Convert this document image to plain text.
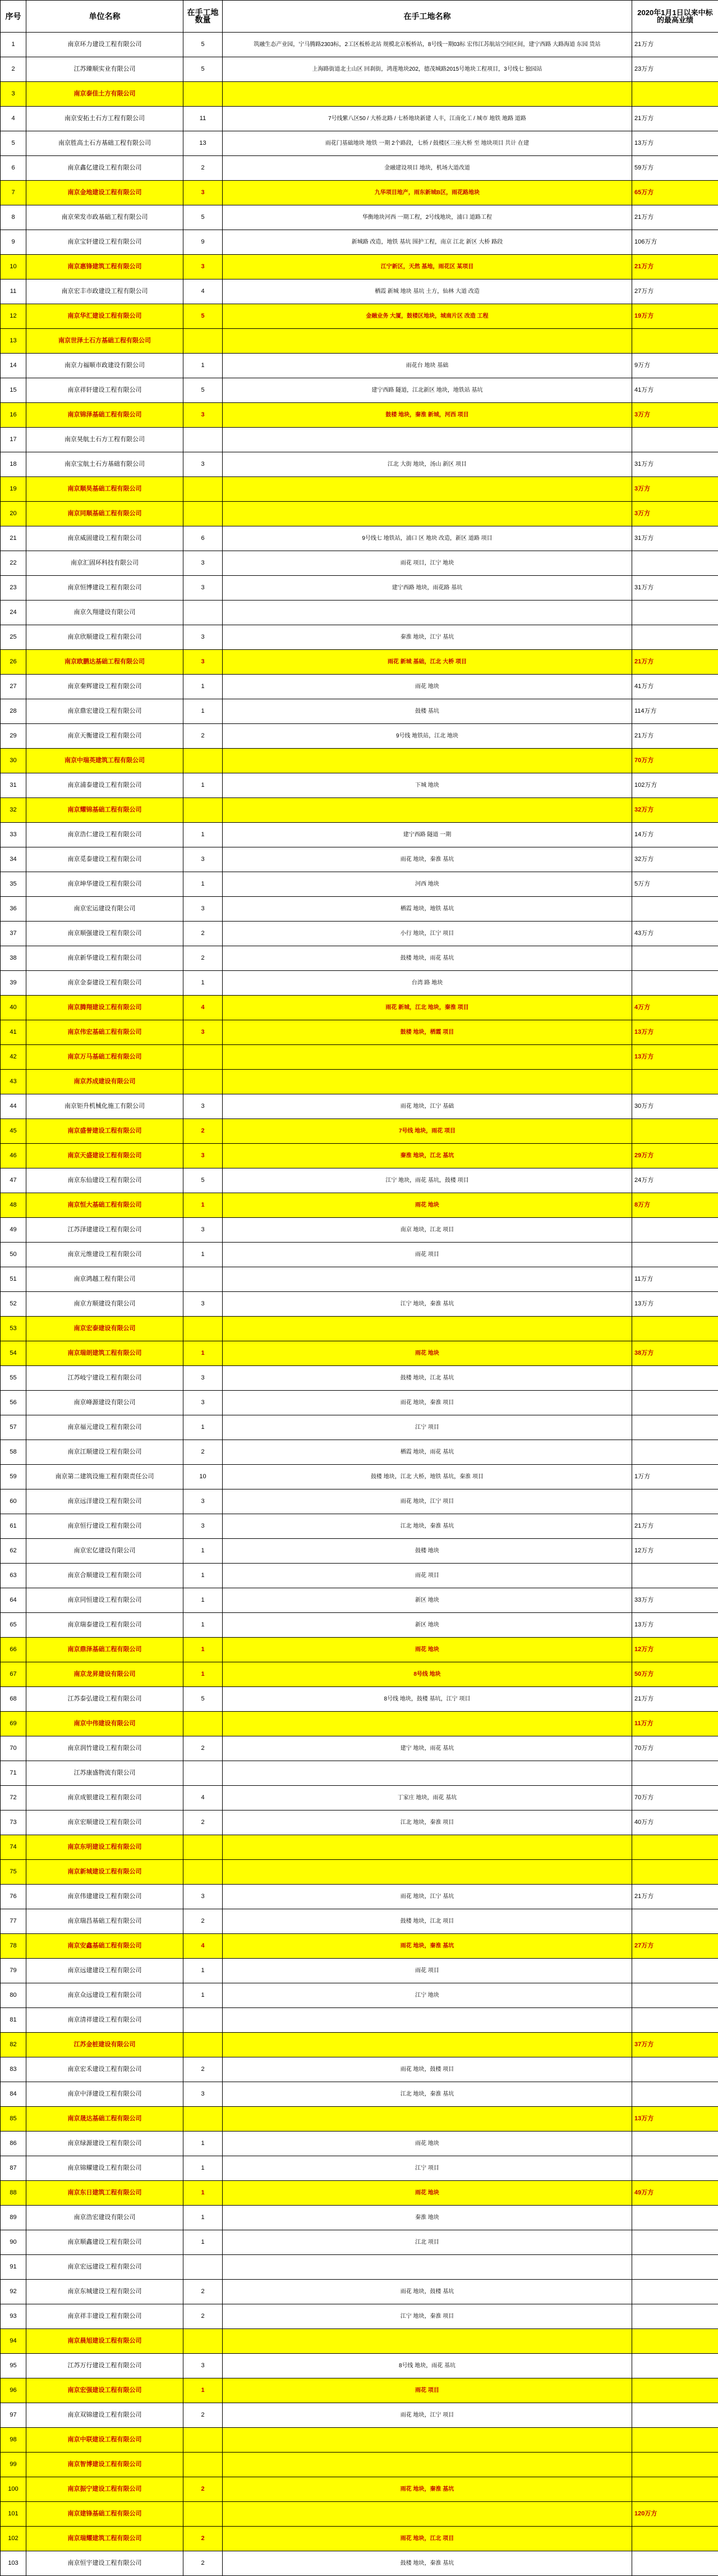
序号	单位名称	在手工地数量	在手工地名称	2020年1月1日以来中标的最高业绩
1	南京环力建设工程有限公司	5	筑融生态产业园，宁马腾路2303标，2工区板桥北站 规模北京板桥站，8号线一期03标 宏伟江苏航站空间区间，建宁西路 大路海道 东园 货站	21万方
2	江苏臻顺实业有限公司	5	上海路街道北土山区 回刹街，鸿莲地块202，德茂城路2015号地块工程项目，3号线七 独园站	23万方
3	南京泰佳土方有限公司			
4	南京安拓土石方工程有限公司	11	7号线紫八区50 / 大桥北路 / 七桥地块新建 人丰，江南化工 / 城市 地铁 地路 道路	21万方
5	南京胜高土石方基础工程有限公司	13	雨花门基础地块 地铁 一期 2个路段，七桥 / 鼓楼区三座大桥 至 地块项目 共计 在建	13万方
6	南京鑫亿建设工程有限公司	2	金融建设项目 地块，机场大道改道	59万方
7	南京金地建设工程有限公司	3	九华项目地产，雨东新城B区，雨花路地块	65万方
8	南京荣发市政基础工程有限公司	5	华衡地块河西 一期工程，2号线地块，浦口 道路工程	21万方
9	南京宝轩建设工程有限公司	9	新城路 改造，地铁 基坑 围护工程，南京 江北 新区 大桥 路段	106万方
10	南京惠锋建筑工程有限公司	3	江宁新区，天然 基地，雨花区 某项目	21万方
11	南京宏丰市政建设工程有限公司	4	栖霞 新城 地块 基坑 土方，仙林 大道 改造	27万方
12	南京华汇建设工程有限公司	5	金融业务 大厦，鼓楼区地块，城南片区 改造 工程	19万方
13	南京世泽土石方基础工程有限公司			
14	南京力福顺市政建设有限公司	1	雨花台 地块 基础	9万方
15	南京祥轩建设工程有限公司	5	建宁西路 隧道，江北新区 地块，地铁站 基坑	41万方
16	南京锦泽基础工程有限公司	3	鼓楼 地块，秦淮 新城，河西 项目	3万方
17	南京昊航土石方工程有限公司			
18	南京宝航土石方基础有限公司	3	江北 大街 地块，汤山 新区 项目	31万方
19	南京顺昊基础工程有限公司			3万方
20	南京同顺基础工程有限公司			3万方
21	南京威固建设工程有限公司	6	9号线七 地铁站，浦口 区 地块 改造，新区 道路 项目	31万方
22	南京汇固环科技有限公司	3	雨花 项目，江宁 地块	
23	南京恒博建设工程有限公司	3	建宁西路 地块，雨花路 基坑	31万方
24	南京久翔建设有限公司			
25	南京欣顺建设工程有限公司	3	秦淮 地块，江宁 基坑	
26	南京欧鹏达基础工程有限公司	3	雨花 新城 基础，江北 大桥 项目	21万方
27	南京秦辉建设工程有限公司	1	雨花 地块	41万方
28	南京鼎宏建设工程有限公司	1	鼓楼 基坑	114万方
29	南京天衡建设工程有限公司	2	9号线 地铁站，江北 地块	21万方
30	南京中瑞英建筑工程有限公司			70万方
31	南京浦泰建设工程有限公司	1	下城 地块	102万方
32	南京耀锦基础工程有限公司			32万方
33	南京浩仁建设工程有限公司	1	建宁西路 隧道 一期	14万方
34	南京觅泰建设工程有限公司	3	雨花 地块，秦淮 基坑	32万方
35	南京坤华建设工程有限公司	1	河西 地块	5万方
36	南京宏运建设有限公司	3	栖霞 地块，地铁 基坑	
37	南京顺强建设工程有限公司	2	小行 地块，江宁 项目	43万方
38	南京新华建设工程有限公司	2	鼓楼 地块，雨花 基坑	
39	南京金泰建设工程有限公司	1	台湾 路 地块	
40	南京腾翔建设工程有限公司	4	雨花 新城，江北 地块，秦淮 项目	4万方
41	南京伟宏基础工程有限公司	3	鼓楼 地块，栖霞 项目	13万方
42	南京万马基础工程有限公司			13万方
43	南京苏成建设有限公司			
44	南京钜升机械化施工有限公司	3	雨花 地块，江宁 基础	30万方
45	南京盛誉建设工程有限公司	2	7号线 地块，雨花 项目	
46	南京天盛建设工程有限公司	3	秦淮 地块，江北 基坑	29万方
47	南京东仙建设工程有限公司	5	江宁 地块，雨花 基坑，鼓楼 项目	24万方
48	南京恒大基础工程有限公司	1	雨花 地块	8万方
49	江苏泽建建设工程有限公司	3	南京 地块，江北 项目	
50	南京元维建设工程有限公司	1	雨花 项目	
51	南京鸿越工程有限公司			11万方
52	南京方顺建设有限公司	3	江宁 地块，秦淮 基坑	13万方
53	南京宏泰建设有限公司			
54	南京瑞朗建筑工程有限公司	1	雨花 地块	38万方
55	江苏岐宁建设工程有限公司	3	鼓楼 地块，江北 基坑	
56	南京峰源建设有限公司	3	雨花 地块，秦淮 项目	
57	南京福元建设工程有限公司	1	江宁 项目	
58	南京江顺建设工程有限公司	2	栖霞 地块，雨花 基坑	
59	南京第二建筑设施工程有限责任公司	10	鼓楼 地块，江北 大桥，地铁 基坑，秦淮 项目	1万方
60	南京远洋建设工程有限公司	3	雨花 地块，江宁 项目	
61	南京恒行建设工程有限公司	3	江北 地块，秦淮 基坑	21万方
62	南京宏亿建设有限公司	1	鼓楼 地块	12万方
63	南京合顺建设工程有限公司	1	雨花 项目	
64	南京同恒建设工程有限公司	1	新区 地块	33万方
65	南京瑞泰建设工程有限公司	1	新区 地块	13万方
66	南京鼎泽基础工程有限公司	1	雨花 地块	12万方
67	南京龙昇建设有限公司	1	8号线 地块	50万方
68	江苏泰弘建设工程有限公司	5	8号线 地块，鼓楼 基坑，江宁 项目	21万方
69	南京中伟建设有限公司			11万方
70	南京润竹建设工程有限公司	2	建宁 地块，雨花 基坑	70万方
71	江苏康盛物流有限公司			
72	南京成银建设工程有限公司	4	丁家庄 地块，雨花 基坑	70万方
73	南京宏顺建设工程有限公司	2	江北 地块，秦淮 项目	40万方
74	南京东明建设工程有限公司			
75	南京新城建设工程有限公司			
76	南京伟建建设工程有限公司	3	雨花 地块，江宁 基坑	21万方
77	南京瑞昌基础工程有限公司	2	鼓楼 地块，江北 项目	
78	南京安鑫基础工程有限公司	4	雨花 地块，秦淮 基坑	27万方
79	南京远建建设工程有限公司	1	雨花 项目	
80	南京众远建设工程有限公司	1	江宁 地块	
81	南京清祥建设工程有限公司			
82	江苏金桩建设有限公司			37万方
83	南京宏禾建设工程有限公司	2	雨花 地块，鼓楼 项目	
84	南京中泽建设工程有限公司	3	江北 地块，秦淮 基坑	
85	南京晟达基础工程有限公司			13万方
86	南京绿源建设工程有限公司	1	雨花 地块	
87	南京锦耀建设工程有限公司	1	江宁 项目	
88	南京东日建筑工程有限公司	1	雨花 地块	49万方
89	南京浩宏建设有限公司	1	秦淮 地块	
90	南京顺鑫建设工程有限公司	1	江北 项目	
91	南京宏远建设工程有限公司			
92	南京东城建设工程有限公司	2	雨花 地块，鼓楼 基坑	
93	南京祥丰建设工程有限公司	2	江宁 地块，秦淮 项目	
94	南京晨旭建设工程有限公司			
95	江苏万行建设工程有限公司	3	8号线 地块，雨花 基坑	
96	南京宏强建设工程有限公司	1	雨花 项目	
97	南京双锦建设工程有限公司	2	雨花 地块，江宁 项目	
98	南京中联建设工程有限公司			
99	南京智博建设工程有限公司			
100	南京振宁建设工程有限公司	2	雨花 地块，秦淮 基坑	
101	南京建锋基础工程有限公司			120万方
102	南京瑞耀建筑工程有限公司	2	雨花 地块，江北 项目	
103	南京恒宇建设工程有限公司	2	鼓楼 地块，秦淮 基坑	
